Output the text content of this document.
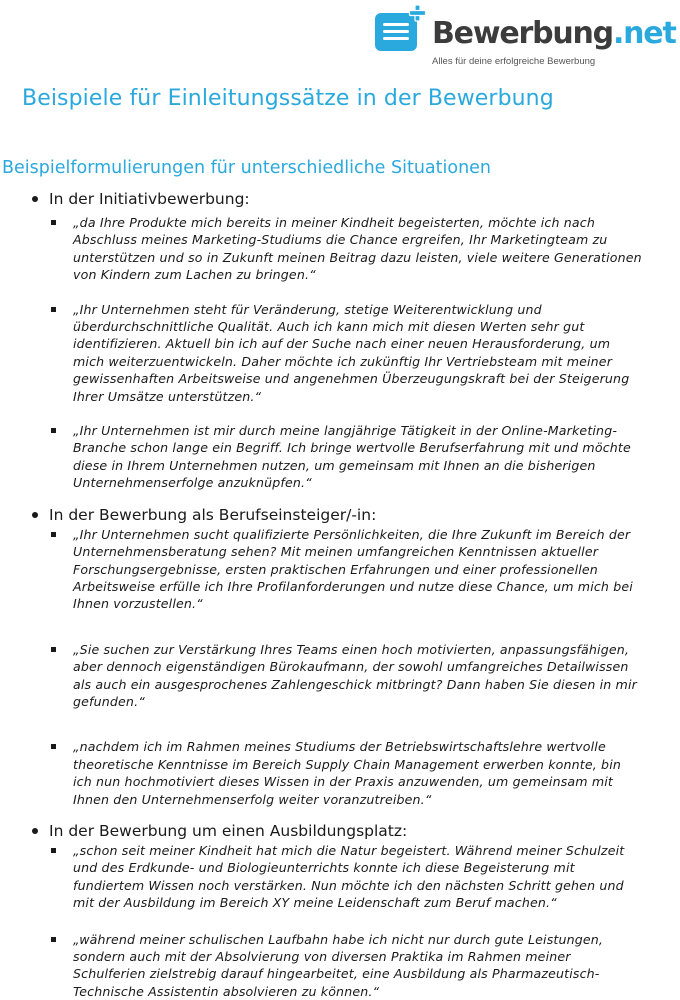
Bewerbung.net
Alles für deine erfolgreiche Bewerbung
Beispiele für Einleitungssätze in der Bewerbung
Beispielformulierungen für unterschiedliche Situationen
In der Initiativbewerbung:
„da Ihre Produkte mich bereits in meiner Kindheit begeisterten, möchte ich nach Abschluss meines Marketing-Studiums die Chance ergreifen, Ihr Marketingteam zu unterstützen und so in Zukunft meinen Beitrag dazu leisten, viele weitere Generationen von Kindern zum Lachen zu bringen.“
„Ihr Unternehmen steht für Veränderung, stetige Weiterentwicklung und überdurchschnittliche Qualität. Auch ich kann mich mit diesen Werten sehr gut identifizieren. Aktuell bin ich auf der Suche nach einer neuen Herausforderung, um mich weiterzuentwickeln. Daher möchte ich zukünftig Ihr Vertriebsteam mit meiner gewissenhaften Arbeitsweise und angenehmen Überzeugungskraft bei der Steigerung Ihrer Umsätze unterstützen.“
„Ihr Unternehmen ist mir durch meine langjährige Tätigkeit in der Online-Marketing-Branche schon lange ein Begriff. Ich bringe wertvolle Berufserfahrung mit und möchte diese in Ihrem Unternehmen nutzen, um gemeinsam mit Ihnen an die bisherigen Unternehmenserfolge anzuknüpfen.“
In der Bewerbung als Berufseinsteiger/-in:
„Ihr Unternehmen sucht qualifizierte Persönlichkeiten, die Ihre Zukunft im Bereich der Unternehmensberatung sehen? Mit meinen umfangreichen Kenntnissen aktueller Forschungsergebnisse, ersten praktischen Erfahrungen und einer professionellen Arbeitsweise erfülle ich Ihre Profilanforderungen und nutze diese Chance, um mich bei Ihnen vorzustellen.“
„Sie suchen zur Verstärkung Ihres Teams einen hoch motivierten, anpassungsfähigen, aber dennoch eigenständigen Bürokaufmann, der sowohl umfangreiches Detailwissen als auch ein ausgesprochenes Zahlengeschick mitbringt? Dann haben Sie diesen in mir gefunden.“
„nachdem ich im Rahmen meines Studiums der Betriebswirtschaftslehre wertvolle theoretische Kenntnisse im Bereich Supply Chain Management erwerben konnte, bin ich nun hochmotiviert dieses Wissen in der Praxis anzuwenden, um gemeinsam mit Ihnen den Unternehmenserfolg weiter voranzutreiben.“
In der Bewerbung um einen Ausbildungsplatz:
„schon seit meiner Kindheit hat mich die Natur begeistert. Während meiner Schulzeit und des Erdkunde- und Biologieunterrichts konnte ich diese Begeisterung mit fundiertem Wissen noch verstärken. Nun möchte ich den nächsten Schritt gehen und mit der Ausbildung im Bereich XY meine Leidenschaft zum Beruf machen.“
„während meiner schulischen Laufbahn habe ich nicht nur durch gute Leistungen, sondern auch mit der Absolvierung von diversen Praktika im Rahmen meiner Schulferien zielstrebig darauf hingearbeitet, eine Ausbildung als Pharmazeutisch-Technische Assistentin absolvieren zu können.“
